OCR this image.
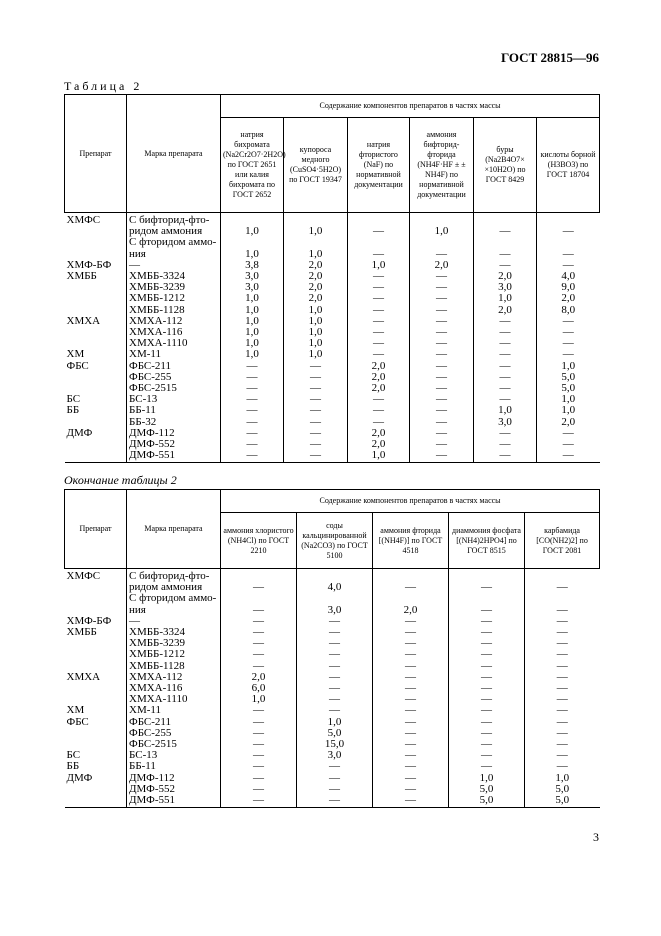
ГОСТ 28815—96
Таблица 2
Препарат	Марка препарата	Содержание компонентов препаратов в частях массы					
		натрия бихромата (Na2Cr2O7·2H2O) по ГОСТ 2651 или калия бихромата по ГОСТ 2652	купороса медного (CuSO4·5H2O) по ГОСТ 19347	натрия фтористого (NaF) по нормативной документации	аммония бифторид-фторида (NH4F·HF ± ± NH4F) по нормативной документации	буры (Na2B4O7× ×10H2O) по ГОСТ 8429	кислоты борной (H3BO3) по ГОСТ 18704
ХМФС	С бифторид-фто-						
	ридом аммония	1,0	1,0	—	1,0	—	—
	С фторидом аммо-						
	ния	1,0	1,0	—	—	—	—
ХМФ-БФ	—	3,8	2,0	1,0	2,0	—	—
ХМББ	ХМББ-3324	3,0	2,0	—	—	2,0	4,0
	ХМББ-3239	3,0	2,0	—	—	3,0	9,0
	ХМББ-1212	1,0	2,0	—	—	1,0	2,0
	ХМББ-1128	1,0	1,0	—	—	2,0	8,0
ХМХА	ХМХА-112	1,0	1,0	—	—	—	—
	ХМХА-116	1,0	1,0	—	—	—	—
	ХМХА-1110	1,0	1,0	—	—	—	—
ХМ	ХМ-11	1,0	1,0	—	—	—	—
ФБС	ФБС-211	—	—	2,0	—	—	1,0
	ФБС-255	—	—	2,0	—	—	5,0
	ФБС-2515	—	—	2,0	—	—	5,0
БС	БС-13	—	—	—	—	—	1,0
ББ	ББ-11	—	—	—	—	1,0	1,0
	ББ-32	—	—	—	—	3,0	2,0
ДМФ	ДМФ-112	—	—	2,0	—	—	—
	ДМФ-552	—	—	2,0	—	—	—
	ДМФ-551	—	—	1,0	—	—	—
Окончание таблицы 2
Препарат	Марка препарата	Содержание компонентов препаратов в частях массы				
		аммония хлористого (NH4Cl) по ГОСТ 2210	соды кальцинированной (Na2CO3) по ГОСТ 5100	аммония фторида [(NH4F)] по ГОСТ 4518	диаммония фосфата [(NH4)2HPO4] по ГОСТ 8515	карбамида [CO(NH2)2] по ГОСТ 2081
ХМФС	С бифторид-фто-					
	ридом аммония	—	4,0	—	—	—
	С фторидом аммо-					
	ния	—	3,0	2,0	—	—
ХМФ-БФ	—	—	—	—	—	—
ХМББ	ХМББ-3324	—	—	—	—	—
	ХМББ-3239	—	—	—	—	—
	ХМББ-1212	—	—	—	—	—
	ХМББ-1128	—	—	—	—	—
ХМХА	ХМХА-112	2,0	—	—	—	—
	ХМХА-116	6,0	—	—	—	—
	ХМХА-1110	1,0	—	—	—	—
ХМ	ХМ-11	—	—	—	—	—
ФБС	ФБС-211	—	1,0	—	—	—
	ФБС-255	—	5,0	—	—	—
	ФБС-2515	—	15,0	—	—	—
БС	БС-13	—	3,0	—	—	—
ББ	ББ-11	—	—	—	—	—
ДМФ	ДМФ-112	—	—	—	1,0	1,0
	ДМФ-552	—	—	—	5,0	5,0
	ДМФ-551	—	—	—	5,0	5,0
3
